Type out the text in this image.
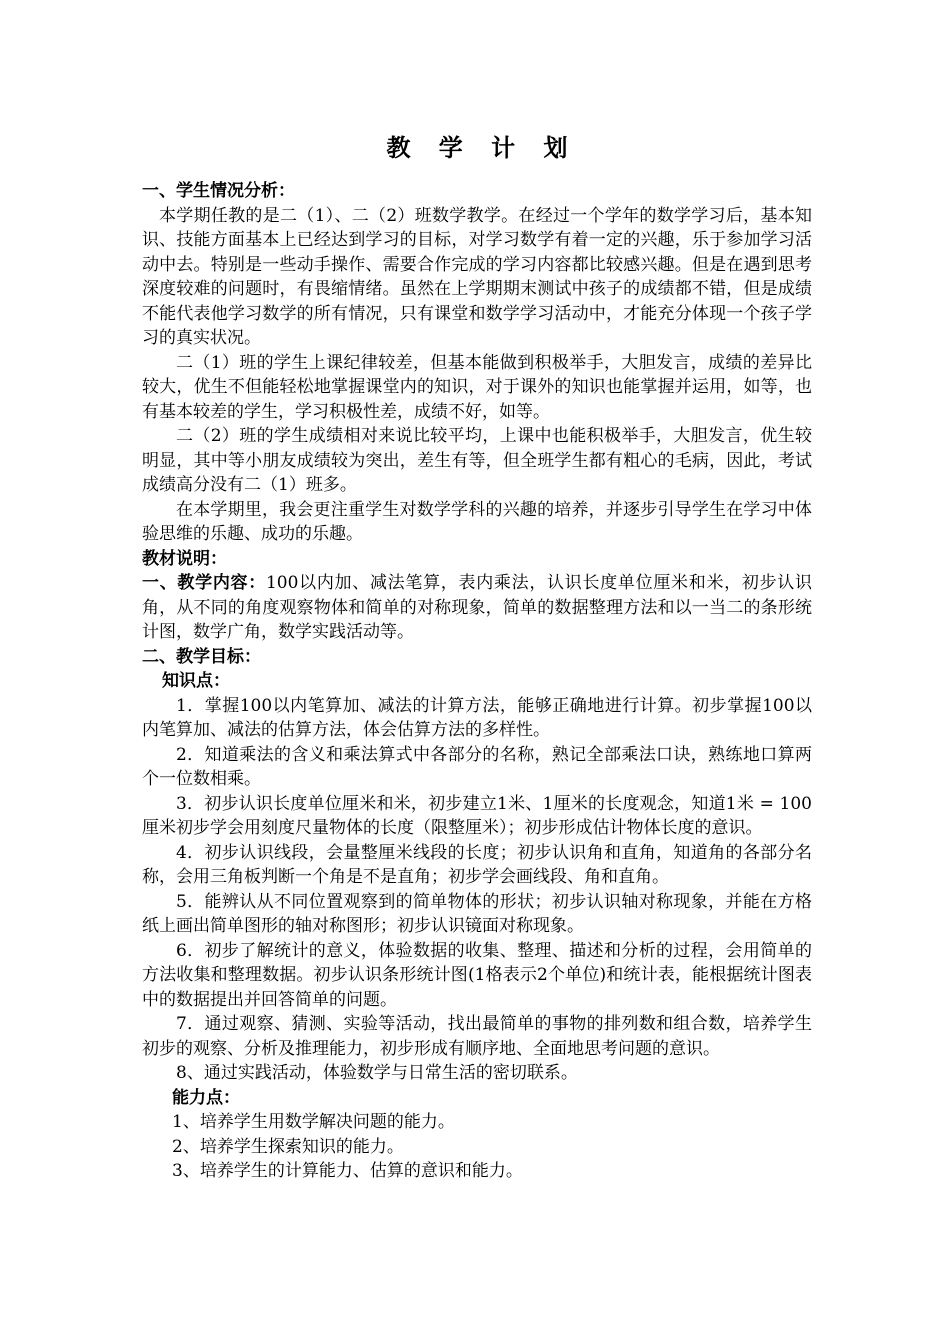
教 学 计 划

一、学生情况分析：

本学期任教的是二（1）、二（2）班数学教学。在经过一个学年的数学学习后，基本知识、技能方面基本上已经达到学习的目标，对学习数学有着一定的兴趣，乐于参加学习活动中去。特别是一些动手操作、需要合作完成的学习内容都比较感兴趣。但是在遇到思考深度较难的问题时，有畏缩情绪。虽然在上学期期末测试中孩子的成绩都不错，但是成绩不能代表他学习数学的所有情况，只有课堂和数学学习活动中，才能充分体现一个孩子学习的真实状况。

二（1）班的学生上课纪律较差，但基本能做到积极举手，大胆发言，成绩的差异比较大，优生不但能轻松地掌握课堂内的知识，对于课外的知识也能掌握并运用，如等，也有基本较差的学生，学习积极性差，成绩不好，如等。

二（2）班的学生成绩相对来说比较平均，上课中也能积极举手，大胆发言，优生较明显，其中等小朋友成绩较为突出，差生有等，但全班学生都有粗心的毛病，因此，考试成绩高分没有二（1）班多。

在本学期里，我会更注重学生对数学学科的兴趣的培养，并逐步引导学生在学习中体验思维的乐趣、成功的乐趣。

教材说明：

一、教学内容：100以内加、减法笔算，表内乘法，认识长度单位厘米和米，初步认识角，从不同的角度观察物体和简单的对称现象，简单的数据整理方法和以一当二的条形统计图，数学广角，数学实践活动等。

二、教学目标：

知识点：

1．掌握100以内笔算加、减法的计算方法，能够正确地进行计算。初步掌握100以内笔算加、减法的估算方法，体会估算方法的多样性。

2．知道乘法的含义和乘法算式中各部分的名称，熟记全部乘法口诀，熟练地口算两个一位数相乘。

3．初步认识长度单位厘米和米，初步建立1米、1厘米的长度观念，知道1米 = 100厘米初步学会用刻度尺量物体的长度（限整厘米）；初步形成估计物体长度的意识。

4．初步认识线段，会量整厘米线段的长度；初步认识角和直角，知道角的各部分名称，会用三角板判断一个角是不是直角；初步学会画线段、角和直角。

5．能辨认从不同位置观察到的简单物体的形状；初步认识轴对称现象，并能在方格纸上画出简单图形的轴对称图形；初步认识镜面对称现象。

6．初步了解统计的意义，体验数据的收集、整理、描述和分析的过程，会用简单的方法收集和整理数据。初步认识条形统计图(1格表示2个单位)和统计表，能根据统计图表中的数据提出并回答简单的问题。

7．通过观察、猜测、实验等活动，找出最简单的事物的排列数和组合数，培养学生初步的观察、分析及推理能力，初步形成有顺序地、全面地思考问题的意识。

8、通过实践活动，体验数学与日常生活的密切联系。

能力点：

1、培养学生用数学解决问题的能力。

2、培养学生探索知识的能力。

3、培养学生的计算能力、估算的意识和能力。
